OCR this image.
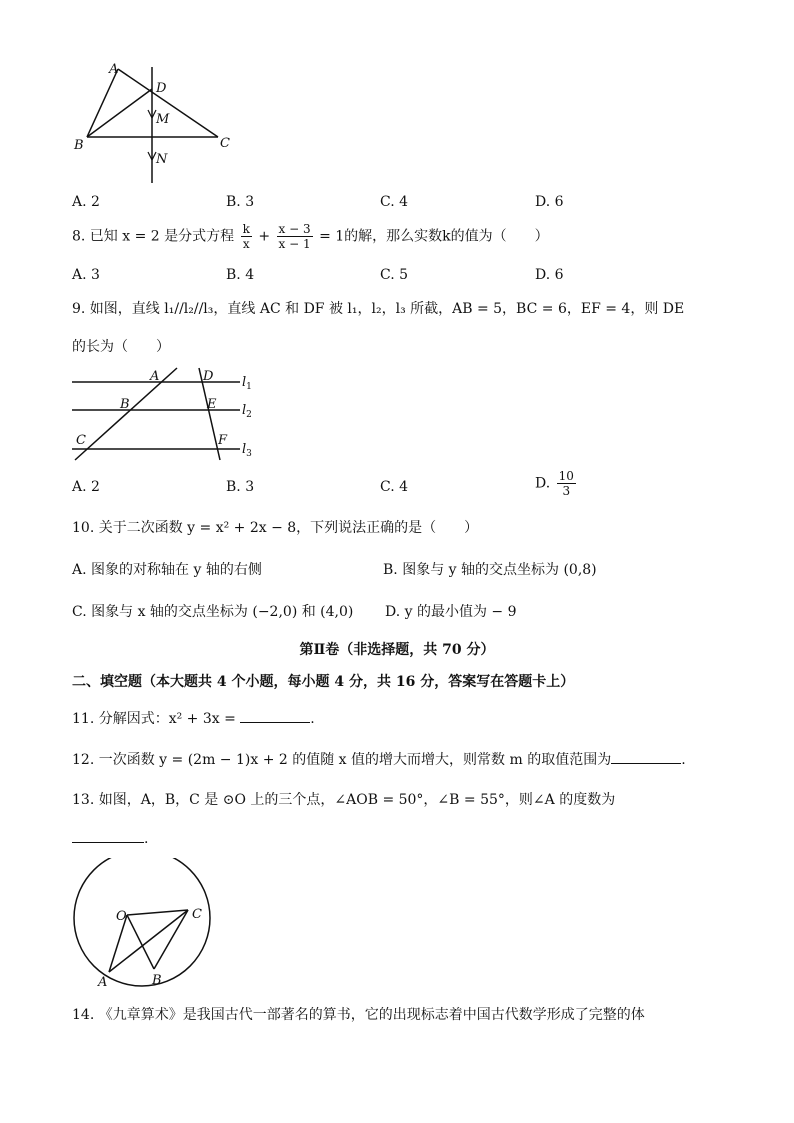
A
D
M
B	C
N
A. 2	B. 3	C. 4	D. 6
8. 已知 x = 2 是分式方程 $\frac{k}{x} + \frac{x - 3}{x - 1} = 1$的解，那么实数k的值为（　　）
A. 3	B. 4	C. 5	D. 6
9. 如图，直线 l₁//l₂//l₃，直线 AC 和 DF 被 l₁，l₂，l₃ 所截，AB = 5，BC = 6，EF = 4，则 DE
的长为（　　）
A	D
B	E
C	F
$l_1$
$l_2$
$l_3$
A. 2	B. 3	C. 4	D. $\frac{10}{3}$
10. 关于二次函数 y = x² + 2x − 8，下列说法正确的是（　　）
A. 图象的对称轴在 y 轴的右侧	B. 图象与 y 轴的交点坐标为 (0,8)
C. 图象与 x 轴的交点坐标为 (−2,0) 和 (4,0) D. y 的最小值为 − 9
第Ⅱ卷（非选择题，共 70 分）
二、填空题（本大题共 4 个小题，每小题 4 分，共 16 分，答案写在答题卡上）
11. 分解因式：x² + 3x =	.
12. 一次函数 y = (2m − 1)x + 2 的值随 x 值的增大而增大，则常数 m 的取值范围为	.
13. 如图，A，B，C 是 ⊙O 上的三个点，∠AOB = 50°，∠B = 55°，则∠A 的度数为
.
O	C
A	B
14. 《九章算术》是我国古代一部著名的算书，它的出现标志着中国古代数学形成了完整的体
